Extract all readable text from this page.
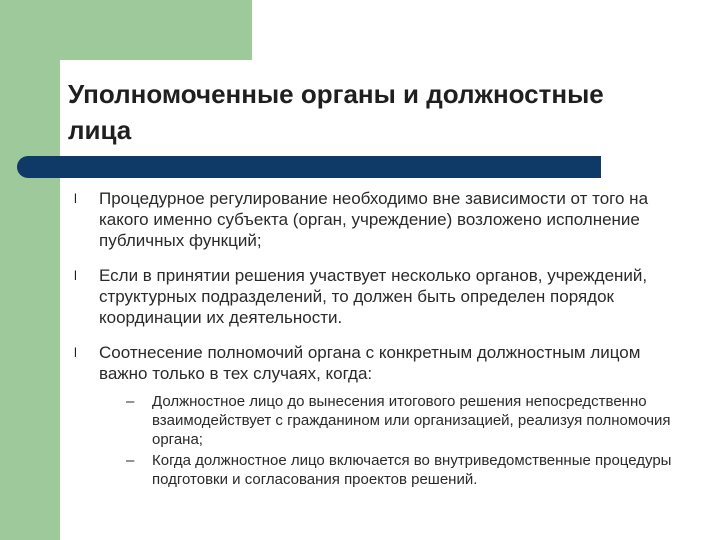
Уполномоченные органы и должностные лица
l	Процедурное регулирование необходимо вне зависимости от того на какого именно субъекта (орган, учреждение) возложено исполнение публичных функций;
l	Если в принятии решения участвует несколько органов, учреждений, структурных подразделений, то должен быть определен порядок координации их деятельности.
l	Соотнесение полномочий органа с конкретным должностным лицом важно только в тех случаях, когда:
–	Должностное лицо до вынесения итогового решения непосредственно взаимодействует с гражданином или организацией, реализуя полномочия органа;
–	Когда должностное лицо включается во внутриведомственные процедуры подготовки и согласования проектов решений.
